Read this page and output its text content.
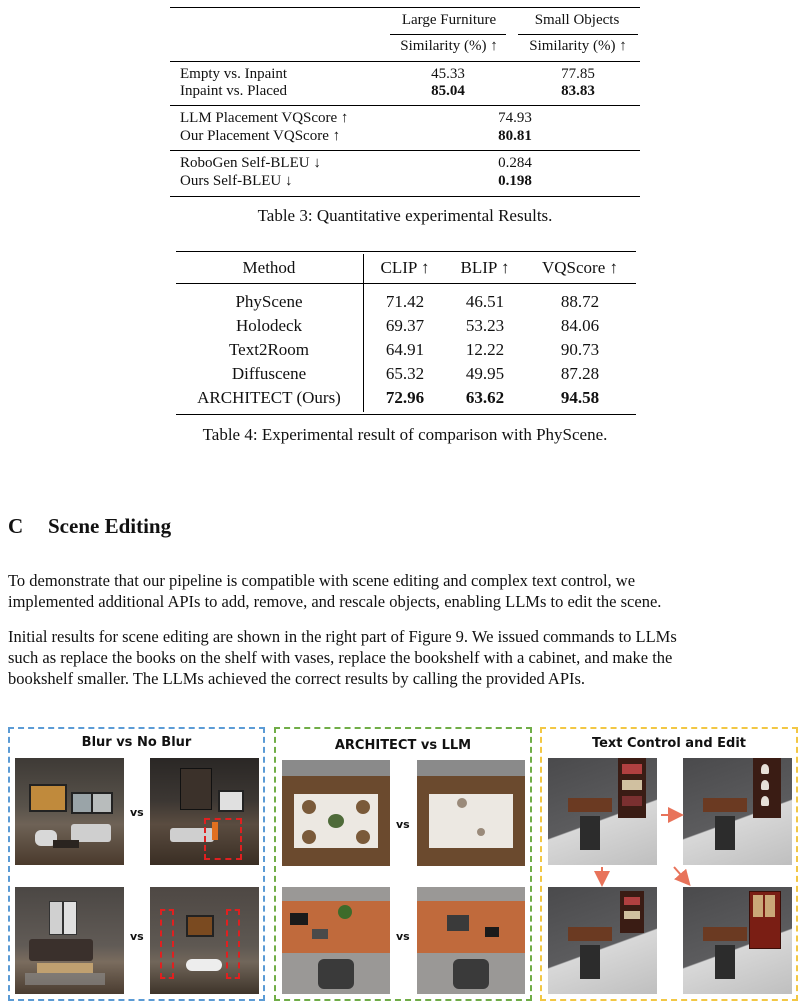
Large Furniture	Small Objects
Similarity (%) ↑	Similarity (%) ↑
Empty vs. Inpaint	45.33	77.85
Inpaint vs. Placed	85.04	83.83
LLM Placement VQScore ↑	74.93
Our Placement VQScore ↑	80.81
RoboGen Self-BLEU ↓	0.284
Ours Self-BLEU ↓	0.198
Table 3: Quantitative experimental Results.
Method	CLIP ↑	BLIP ↑	VQScore ↑
PhyScene	71.42	46.51	88.72
Holodeck	69.37	53.23	84.06
Text2Room	64.91	12.22	90.73
Diffuscene	65.32	49.95	87.28
ARCHITECT (Ours)	72.96	63.62	94.58
Table 4: Experimental result of comparison with PhyScene.
C Scene Editing
To demonstrate that our pipeline is compatible with scene editing and complex text control, we
implemented additional APIs to add, remove, and rescale objects, enabling LLMs to edit the scene.
Initial results for scene editing are shown in the right part of Figure 9. We issued commands to LLMs
such as replace the books on the shelf with vases, replace the bookshelf with a cabinet, and make the
bookshelf smaller. The LLMs achieved the correct results by calling the provided APIs.
Blur vs No Blur
vs
vs
ARCHITECT vs LLM
vs
vs
Text Control and Edit
